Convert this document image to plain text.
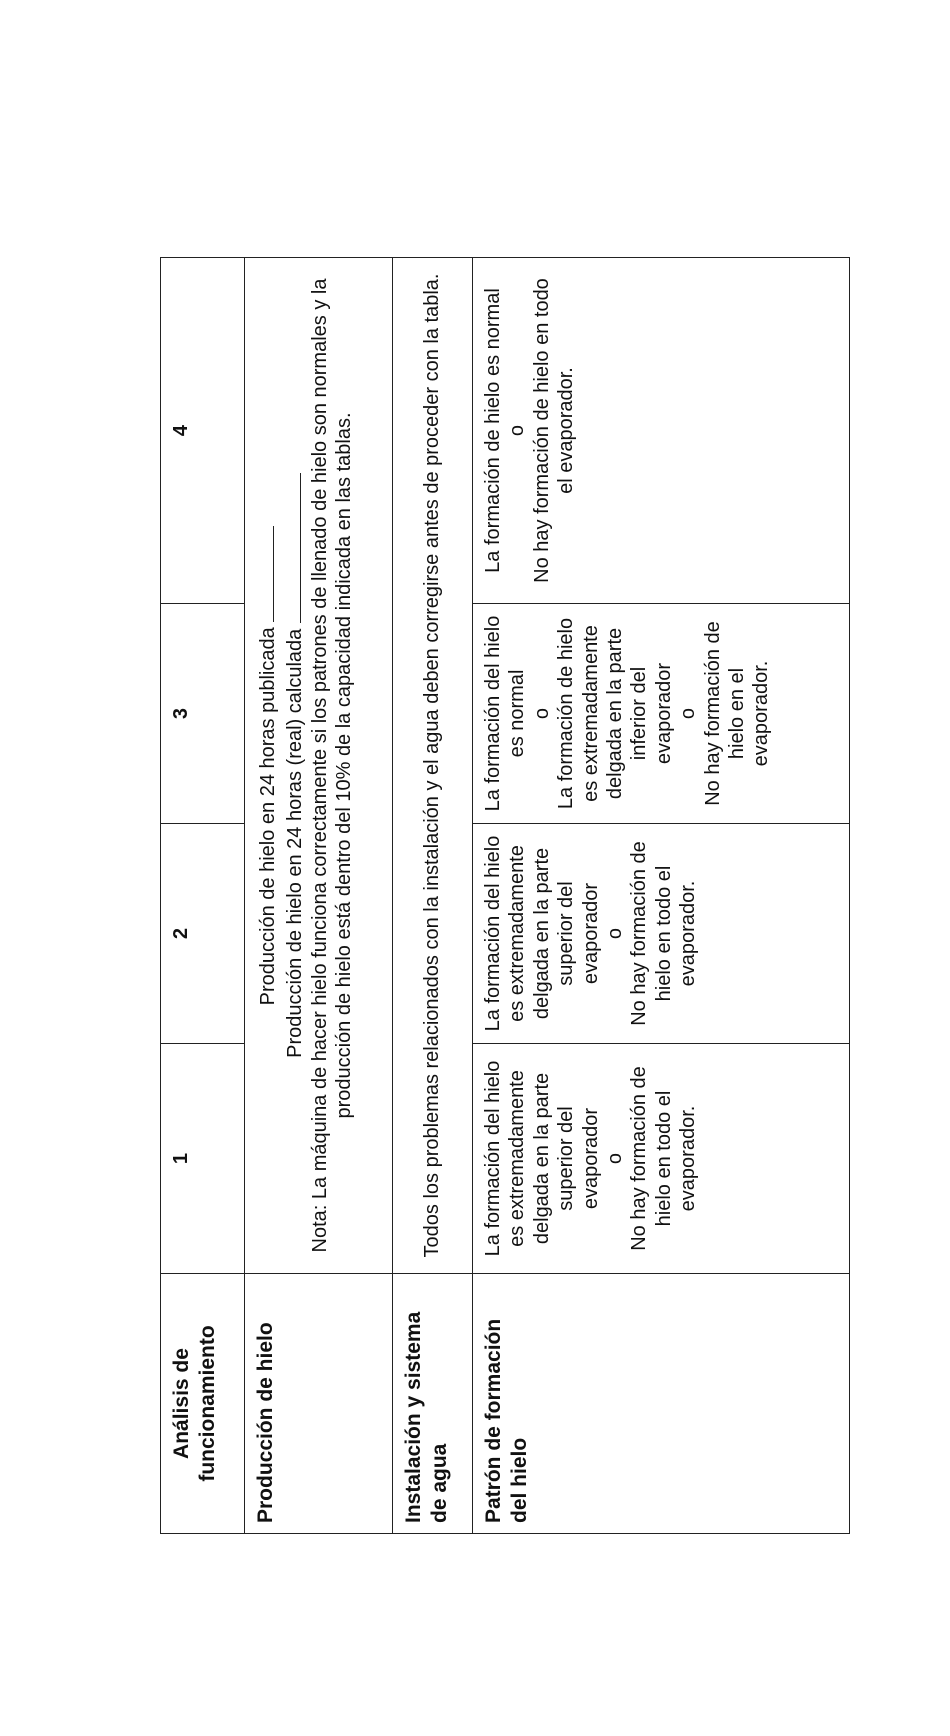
Análisis de funcionamiento	1	2	3	4
Producción de hielo	Producción de hielo en 24 horas publicada Producción de hielo en 24 horas (real) calculada Nota: La máquina de hacer hielo funciona correctamente si los patrones de llenado de hielo son normales y la producción de hielo está dentro del 10% de la capacidad indicada en las tablas.			

Instalación y sistema de agua	Todos los problemas relacionados con la instalación y el agua deben corregirse antes de proceder con la tabla.			
Patrón de formación del hielo	La formación del hielo es extremadamente delgada en la parte superior del evaporador o No hay formación de hielo en todo el evaporador.	La formación del hielo es extremadamente delgada en la parte superior del evaporador o No hay formación de hielo en todo el evaporador.	La formación del hielo es normal o La formación de hielo es extremadamente delgada en la parte inferior del evaporador o No hay formación de hielo en el evaporador.	La formación de hielo es normal o No hay formación de hielo en todo el evaporador.
